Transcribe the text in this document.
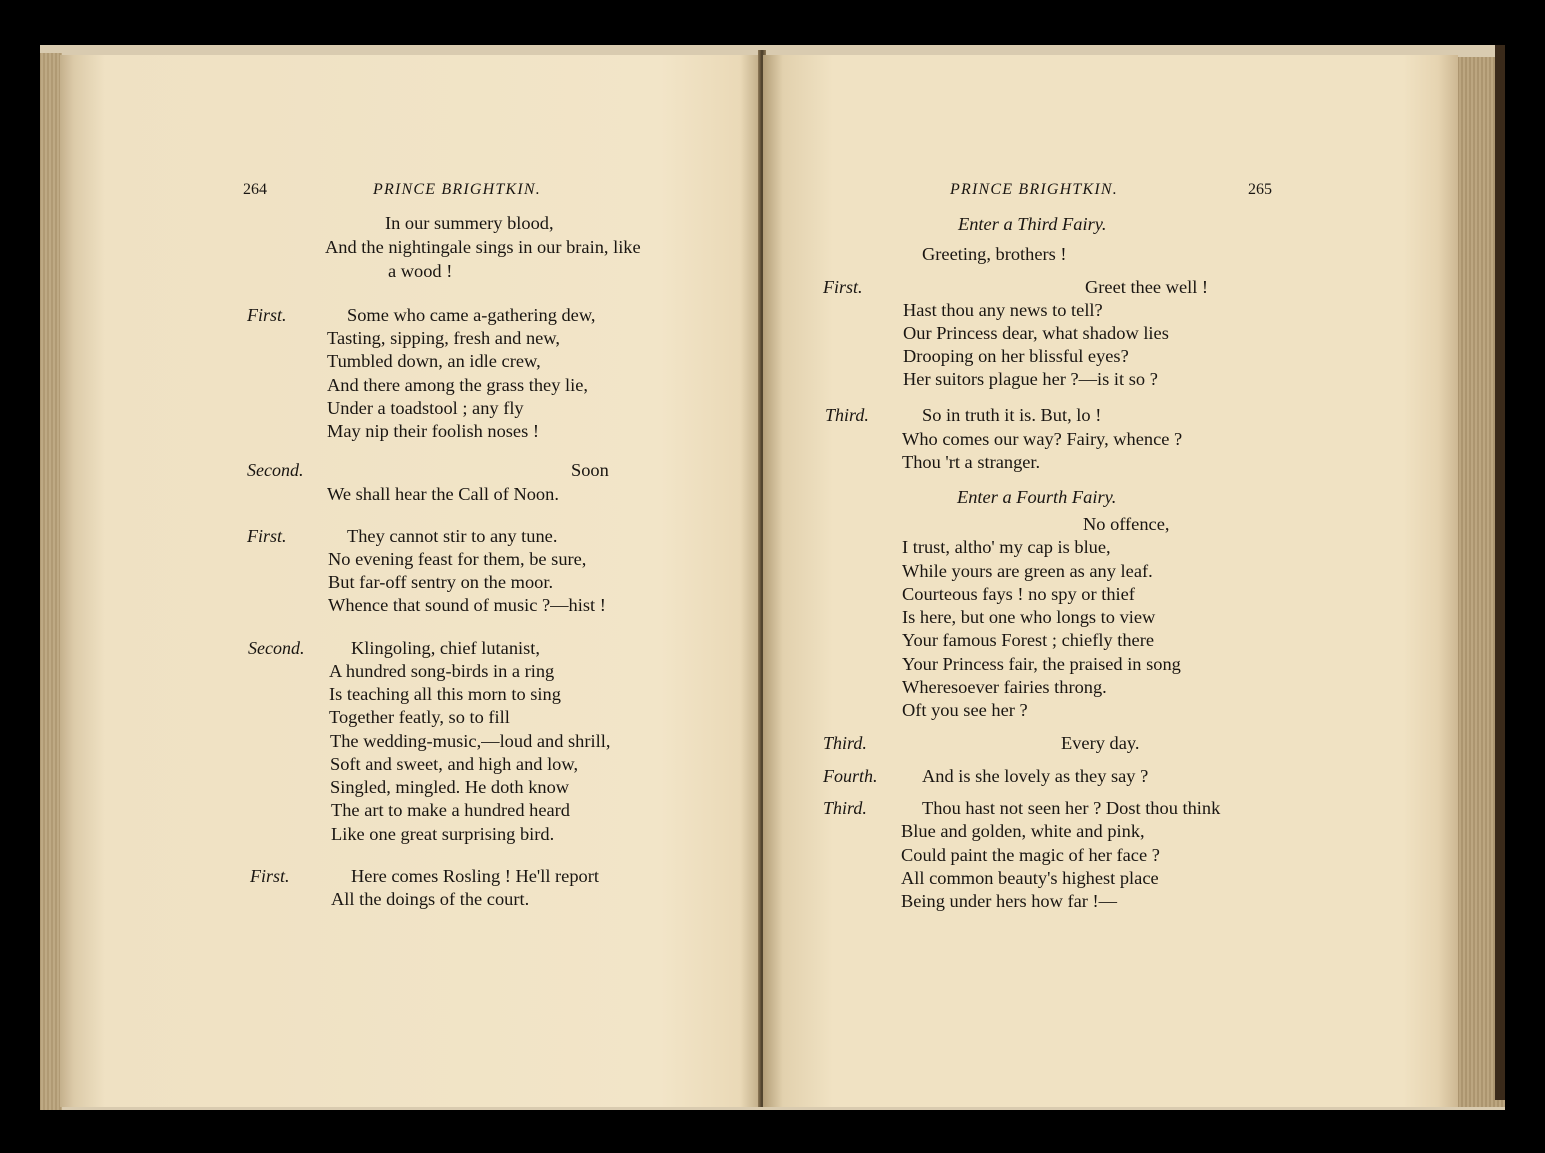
264	PRINCE BRIGHTKIN.
In our summery blood,
And the nightingale sings in our brain, like
a wood !
First.	Some who came a-gathering dew,
Tasting, sipping, fresh and new,
Tumbled down, an idle crew,
And there among the grass they lie,
Under a toadstool ; any fly
May nip their foolish noses !
Second.	Soon
We shall hear the Call of Noon.
First.	They cannot stir to any tune.
No evening feast for them, be sure,
But far-off sentry on the moor.
Whence that sound of music ?—hist !
Second.	Klingoling, chief lutanist,
A hundred song-birds in a ring
Is teaching all this morn to sing
Together featly, so to fill
The wedding-music,—loud and shrill,
Soft and sweet, and high and low,
Singled, mingled. He doth know
The art to make a hundred heard
Like one great surprising bird.
First.	Here comes Rosling ! He'll report
All the doings of the court.
PRINCE BRIGHTKIN.	265
Enter a Third Fairy.
Greeting, brothers !
First.	Greet thee well !
Hast thou any news to tell?
Our Princess dear, what shadow lies
Drooping on her blissful eyes?
Her suitors plague her ?—is it so ?
Third.	So in truth it is. But, lo !
Who comes our way? Fairy, whence ?
Thou 'rt a stranger.
Enter a Fourth Fairy.
No offence,
I trust, altho' my cap is blue,
While yours are green as any leaf.
Courteous fays ! no spy or thief
Is here, but one who longs to view
Your famous Forest ; chiefly there
Your Princess fair, the praised in song
Wheresoever fairies throng.
Oft you see her ?
Third.	Every day.
Fourth. And is she lovely as they say ?
Third.	Thou hast not seen her ? Dost thou think
Blue and golden, white and pink,
Could paint the magic of her face ?
All common beauty's highest place
Being under hers how far !—
